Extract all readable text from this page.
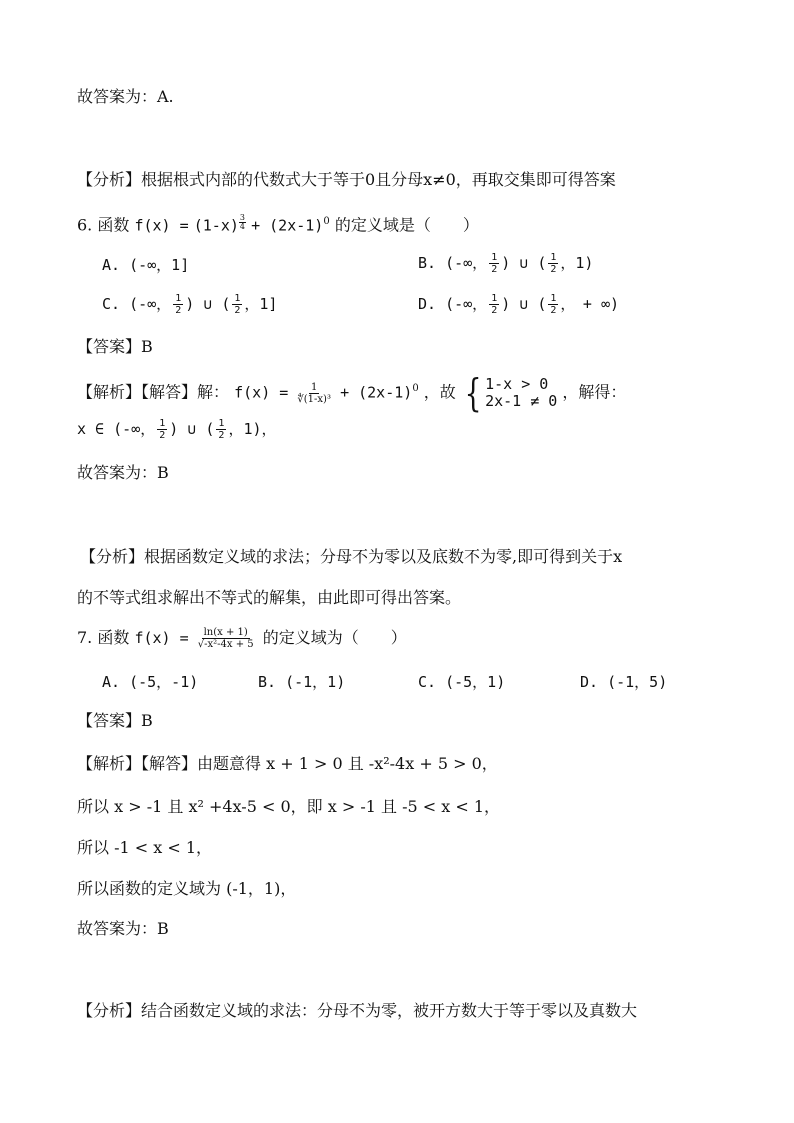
故答案为：A.
【分析】根据根式内部的代数式大于等于0且分母x≠0，再取交集即可得答案
6. 函数 $f(x) = (1-x) \frac{3}{4} + (2x-1)^0$ 的定义域是（　　）
A. (-∞，1]	B. (-∞， $\frac{1}{2}$ ) ∪ ( $\frac{1}{2}$ ，1)
C. (-∞， $\frac{1}{2}$ ) ∪ ( $\frac{1}{2}$ ，1]	D. (-∞， $\frac{1}{2}$ ) ∪ ( $\frac{1}{2}$ ，　+ ∞)
【答案】B
【解析】【解答】解： $f(x) = \frac{1}{\text{∜(1-x)³}} + (2x-1)^0$ ，故 { 1-x > 0
2x-1 ≠ 0 ，解得：
x ∈ (-∞， $\frac{1}{2}$ ) ∪ ( $\frac{1}{2}$ ，1)，
故答案为：B
【分析】根据函数定义域的求法；分母不为零以及底数不为零,即可得到关于x
的不等式组求解出不等式的解集，由此即可得出答案。
7. 函数 $f(x) = \frac{\ln(x + 1)}{\text{√-x²-4x + 5}}$ 的定义域为（　　）
A. (-5，-1)	B. (-1，1)	C. (-5，1)	D. (-1，5)
【答案】B
【解析】【解答】由题意得 x + 1 > 0 且 -x²-4x + 5 > 0，
所以 x > -1 且 x² +4x-5 < 0，即 x > -1 且 -5 < x < 1，
所以 -1 < x < 1，
所以函数的定义域为 (-1，1)，
故答案为：B
【分析】结合函数定义域的求法：分母不为零，被开方数大于等于零以及真数大
